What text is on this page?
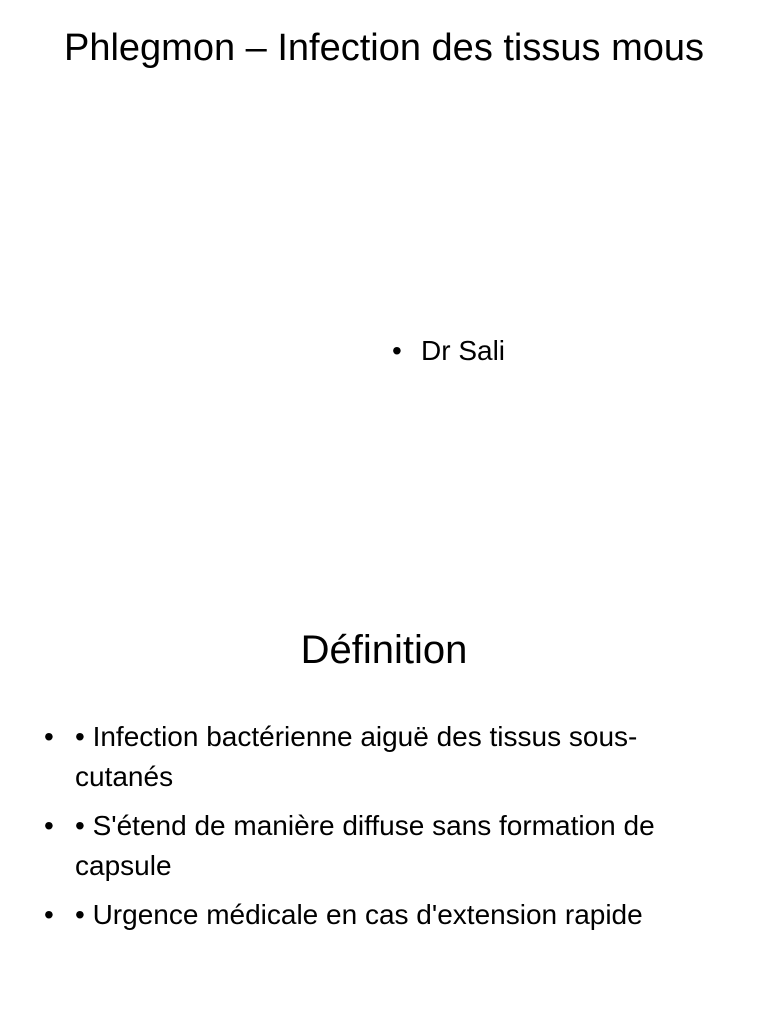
Phlegmon – Infection des tissus mous
• Dr Sali
Définition
• • Infection bactérienne aiguë des tissus sous-cutanés
• • S'étend de manière diffuse sans formation de capsule
• • Urgence médicale en cas d'extension rapide
